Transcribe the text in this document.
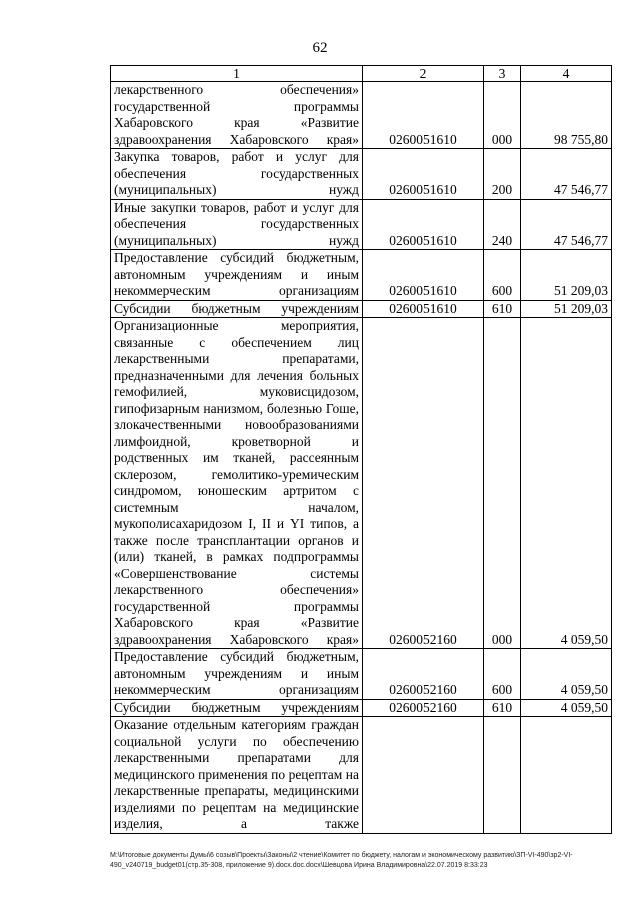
62
1	2	3	4
лекарственного обеспечения» государственной программы Хабаровского края «Развитие здравоохранения Хабаровского края»	0260051610	000	98 755,80
Закупка товаров, работ и услуг для обеспечения государственных (муниципальных) нужд	0260051610	200	47 546,77
Иные закупки товаров, работ и услуг для обеспечения государственных (муниципальных) нужд	0260051610	240	47 546,77
Предоставление субсидий бюджетным, автономным учреждениям и иным некоммерческим организациям	0260051610	600	51 209,03
Субсидии бюджетным учреждениям	0260051610	610	51 209,03
Организационные мероприятия, связанные с обеспечением лиц лекарственными препаратами, предназначенными для лечения больных гемофилией, муковисцидозом, гипофизарным нанизмом, болезнью Гоше, злокачественными новообразованиями лимфоидной, кроветворной и родственных им тканей, рассеянным склерозом, гемолитико-уремическим синдромом, юношеским артритом с системным началом, мукополисахаридозом I, II и YI типов, а также после трансплантации органов и (или) тканей, в рамках подпрограммы «Совершенствование системы лекарственного обеспечения» государственной программы Хабаровского края «Развитие здравоохранения Хабаровского края»	0260052160	000	4 059,50
Предоставление субсидий бюджетным, автономным учреждениям и иным некоммерческим организациям	0260052160	600	4 059,50
Субсидии бюджетным учреждениям	0260052160	610	4 059,50
Оказание отдельным категориям граждан социальной услуги по обеспечению лекарственными препаратами для медицинского применения по рецептам на лекарственные препараты, медицинскими изделиями по рецептам на медицинские изделия, а также			
M:\Итоговые документы Думы\6 созыв\Проекты\Законы\2 чтение\Комитет по бюджету, налогам и экономическому развитию\ЗП-VI-490\зр2-VI-490_v240719_budget01(стр.35-308, приложение 9).docx.doc.docx\Шевцова Ирина Владимировна\22.07.2019 8:33:23
